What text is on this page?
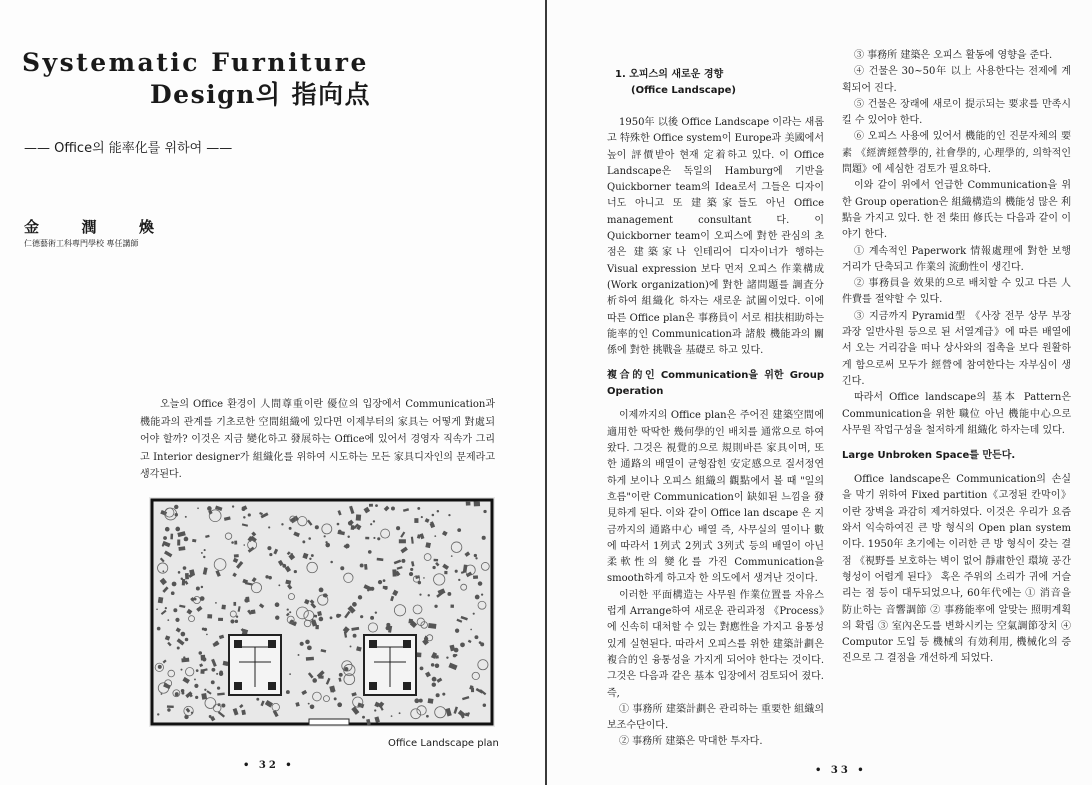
Systematic Furniture
Design의 指向点
—— Office의 能率化를 위하여 ——
金	潤	煥
仁德藝術工科專門學校 專任講師
오늘의 Office 환경이 人間尊重이란 優位의 입장에서 Communication과 機能과의 관계를 기초로한 空間組織에 있다면 이제부터의 家具는 어떻게 對處되어야 할까? 이것은 지금 變化하고 發展하는 Office에 있어서 경영자 직속가 그리고 Interior designer가 組織化를 위하여 시도하는 모든 家具디자인의 문제라고 생각된다.
Office Landscape plan
• 32 •

1. 오피스의 새로운 경향
(Office Landscape)

1950年 以後 Office Landscape 이라는 새롭고 特殊한 Office system이 Europe과 美國에서 높이 評價받아 현재 定着하고 있다. 이 Office Landscape은 독일의 Hamburg에 기반을 Quickborner team의 Idea로서 그들은 디자이너도 아니고 또 建築家들도 아닌 Office management consultant 다. 이 Quickborner team이 오피스에 對한 관심의 초점은 建築家나 인테리어 디자이너가 행하는 Visual expression 보다 먼저 오피스 作業構成(Work organization)에 對한 諸問題를 調査分析하여 組織化 하자는 새로운 試圖이었다. 이에 따른 Office plan은 事務員이 서로 相扶相助하는 能率的인 Communication과 諸般 機能과의 關係에 對한 挑戰을 基礎로 하고 있다.

複合的인 Communication을 위한 Group Operation

이제까지의 Office plan은 주어진 建築空間에 適用한 딱딱한 幾何學的인 배치를 通常으로 하여 왔다. 그것은 視覺的으로 規則바른 家具이며, 또한 通路의 배열이 균형잡힌 安定感으로 질서정연하게 보이나 오피스 組織의 觀點에서 볼 때 "일의 흐름"이란 Communication이 缺如된 느낌을 發見하게 된다. 이와 같이 Office lan dscape 은 지금까지의 通路中心 배열 즉, 사무실의 열이나 數에 따라서 1列式 2列式 3列式 등의 배열이 아닌 柔軟性의 變化를 가진 Communication을 smooth하게 하고자 한 의도에서 생겨난 것이다.

이러한 平面構造는 사무원 作業位置를 자유스럽게 Arrange하여 새로운 관리과정 《Process》에 신속히 대처할 수 있는 對應性을 가지고 융통성있게 실현된다. 따라서 오피스를 위한 建築計劃은 複合的인 융통성을 가지게 되어야 한다는 것이다. 그것은 다음과 같은 基本 입장에서 검토되어 졌다. 즉,

① 事務所 建築計劃은 관리하는 重要한 組織의 보조수단이다.

② 事務所 建築은 막대한 투자다.

③ 事務所 建築은 오피스 활동에 영향을 준다.

④ 건물은 30~50年 以上 사용한다는 전제에 계획되어 진다.

⑤ 건물은 장래에 새로이 提示되는 要求를 만족시킬 수 있어야 한다.

⑥ 오피스 사용에 있어서 機能的인 진문자체의 要素 《經濟經營學的, 社會學的, 心理學的, 의학적인 問題》에 세심한 검토가 필요하다.

이와 같이 위에서 언급한 Communication을 위한 Group operation은 組織構造의 機能성 많은 利點을 가지고 있다. 한 전 柴田 修氏는 다음과 같이 이야기 한다.

① 계속적인 Paperwork 情報處理에 對한 보행 거리가 단축되고 作業의 流動性이 생긴다.

② 事務員을 效果的으로 배치할 수 있고 다른 人件費를 절약할 수 있다.

③ 지금까지 Pyramid型 《사장 전무 상무 부장 과장 일반사원 등으로 된 서열계급》에 따른 배열에서 오는 거리감을 떠나 상사와의 접촉을 보다 원활하게 함으로써 모두가 經營에 참여한다는 자부심이 생긴다.

따라서 Office landscape의 基本 Pattern은 Communication을 위한 職位 아닌 機能中心으로 사무원 작업구성을 철저하게 組織化 하자는데 있다.

Large Unbroken Space를 만든다.

Office landscape은 Communication의 손실을 막기 위하여 Fixed partition《고정된 칸막이》이란 장벽을 과감히 제거하였다. 이것은 우리가 요즘 와서 익숙하여진 큰 방 형식의 Open plan system 이다. 1950年 초기에는 이러한 큰 방 형식이 갖는 결점 《視野를 보호하는 벽이 없어 靜肅한인 環境 공간형성이 어렵게 된다》 혹은 주위의 소리가 귀에 거슬리는 점 등이 대두되었으나, 60年代에는 ① 消音을 防止하는 音響調節 ② 事務能率에 알맞는 照明계획의 확립 ③ 室內온도를 변화시키는 空氣調節장치 ④ Computor 도입 등 機械의 有効利用, 機械化의 증진으로 그 결점을 개선하게 되었다.

• 33 •
